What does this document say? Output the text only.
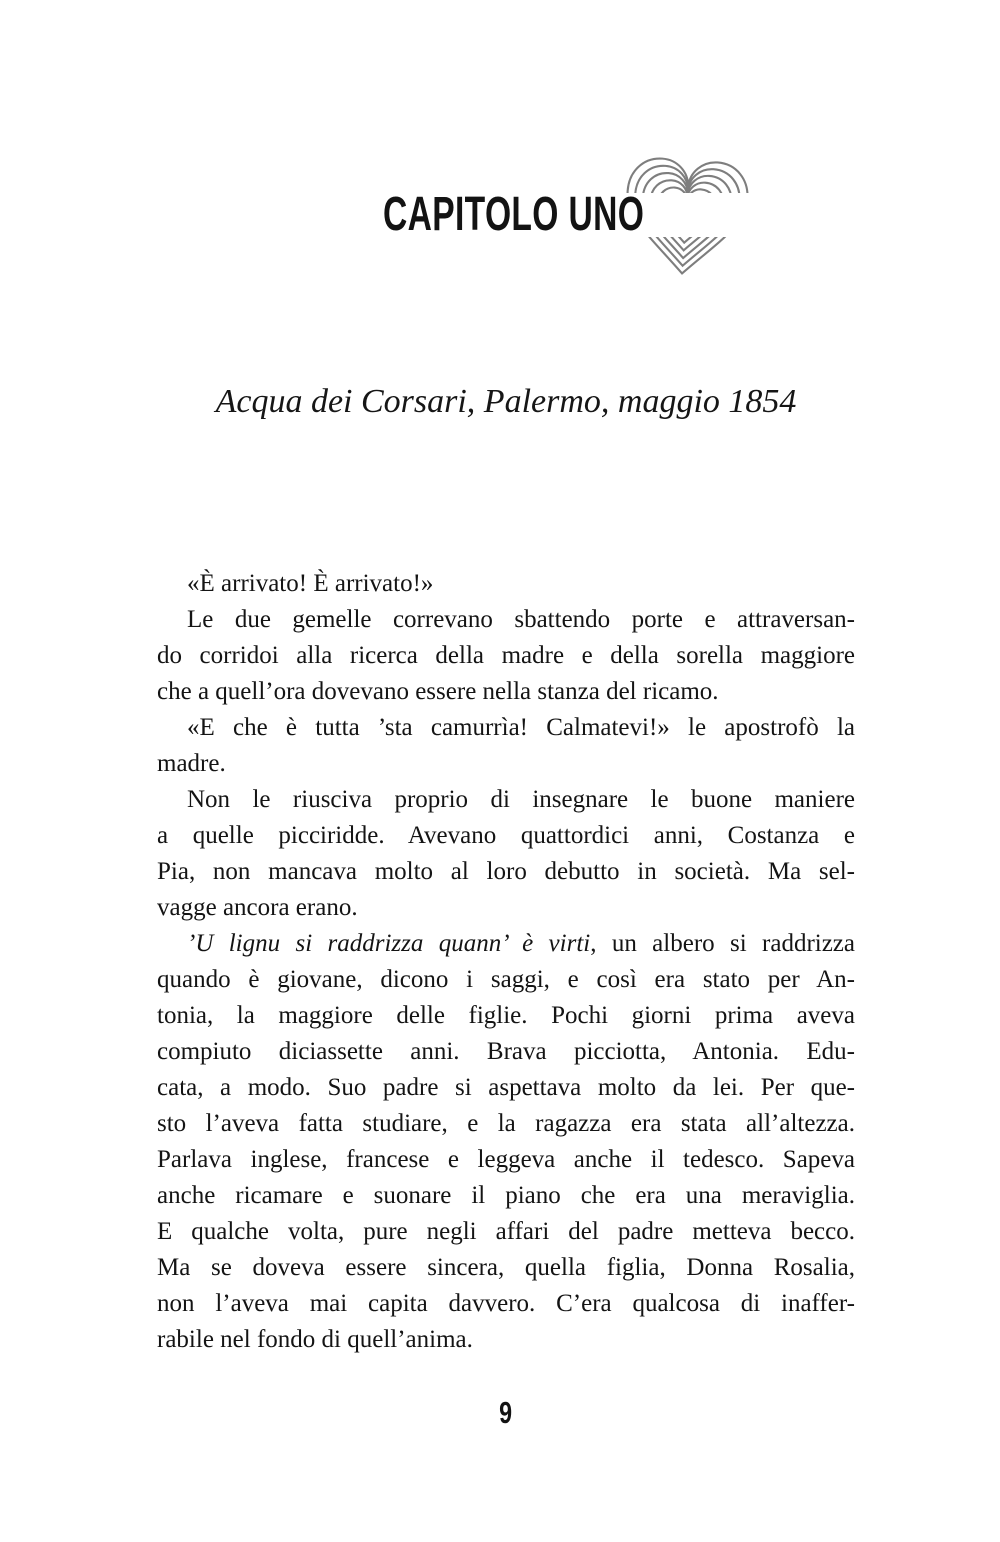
CAPITOLO UNO
Acqua dei Corsari, Palermo, maggio 1854
«È arrivato! È arrivato!»
Le due gemelle correvano sbattendo porte e attraversan-
do corridoi alla ricerca della madre e della sorella maggiore
che a quell’ora dovevano essere nella stanza del ricamo.
«E che è tutta ’sta camurrìa! Calmatevi!» le apostrofò la
madre.
Non le riusciva proprio di insegnare le buone maniere
a quelle picciridde. Avevano quattordici anni, Costanza e
Pia, non mancava molto al loro debutto in società. Ma sel-
vagge ancora erano.
’U lignu si raddrizza quann’ è virti, un albero si raddrizza
quando è giovane, dicono i saggi, e così era stato per An-
tonia, la maggiore delle figlie. Pochi giorni prima aveva
compiuto diciassette anni. Brava picciotta, Antonia. Edu-
cata, a modo. Suo padre si aspettava molto da lei. Per que-
sto l’aveva fatta studiare, e la ragazza era stata all’altezza.
Parlava inglese, francese e leggeva anche il tedesco. Sapeva
anche ricamare e suonare il piano che era una meraviglia.
E qualche volta, pure negli affari del padre metteva becco.
Ma se doveva essere sincera, quella figlia, Donna Rosalia,
non l’aveva mai capita davvero. C’era qualcosa di inaffer-
rabile nel fondo di quell’anima.
9
